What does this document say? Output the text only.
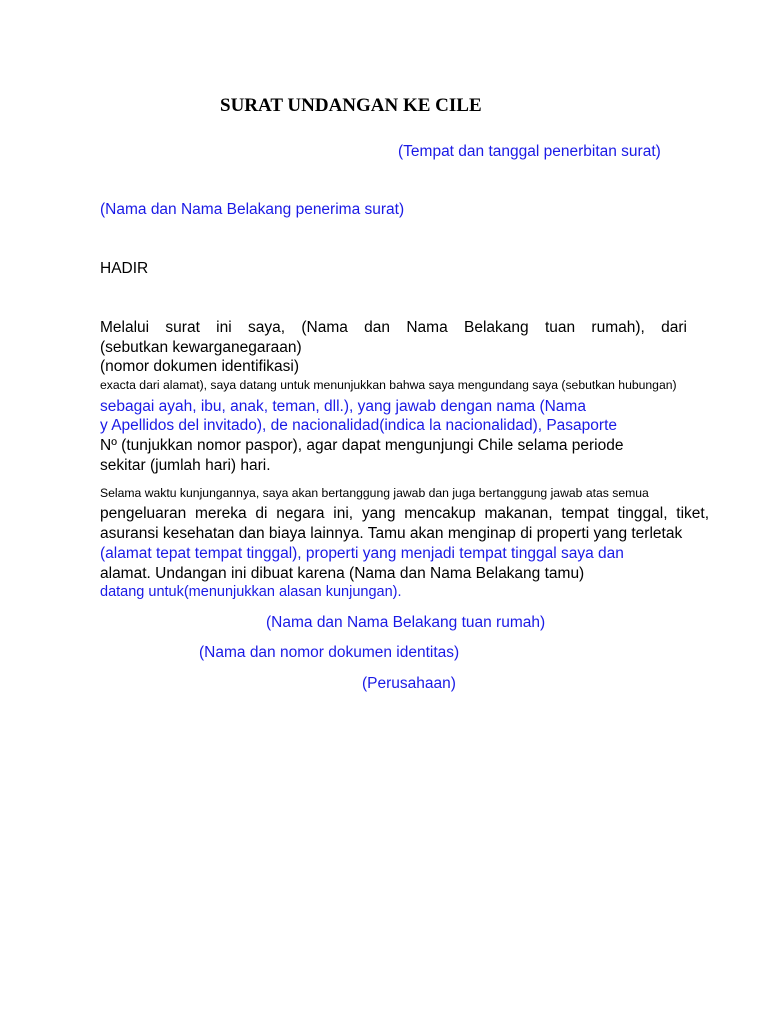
SURAT UNDANGAN KE CILE
(Tempat dan tanggal penerbitan surat)
(Nama dan Nama Belakang penerima surat)
HADIR
Melalui surat ini saya, (Nama dan Nama Belakang tuan rumah), dari
(sebutkan kewarganegaraan)
(nomor dokumen identifikasi)
exacta dari alamat), saya datang untuk menunjukkan bahwa saya mengundang saya (sebutkan hubungan)
sebagai ayah, ibu, anak, teman, dll.), yang jawab dengan nama (Nama
y Apellidos del invitado), de nacionalidad(indica la nacionalidad), Pasaporte
Nº (tunjukkan nomor paspor), agar dapat mengunjungi Chile selama periode
sekitar (jumlah hari) hari.
Selama waktu kunjungannya, saya akan bertanggung jawab dan juga bertanggung jawab atas semua
pengeluaran mereka di negara ini, yang mencakup makanan, tempat tinggal, tiket,
asuransi kesehatan dan biaya lainnya. Tamu akan menginap di properti yang terletak
(alamat tepat tempat tinggal), properti yang menjadi tempat tinggal saya dan
alamat. Undangan ini dibuat karena (Nama dan Nama Belakang tamu)
datang untuk(menunjukkan alasan kunjungan).
(Nama dan Nama Belakang tuan rumah)
(Nama dan nomor dokumen identitas)
(Perusahaan)
